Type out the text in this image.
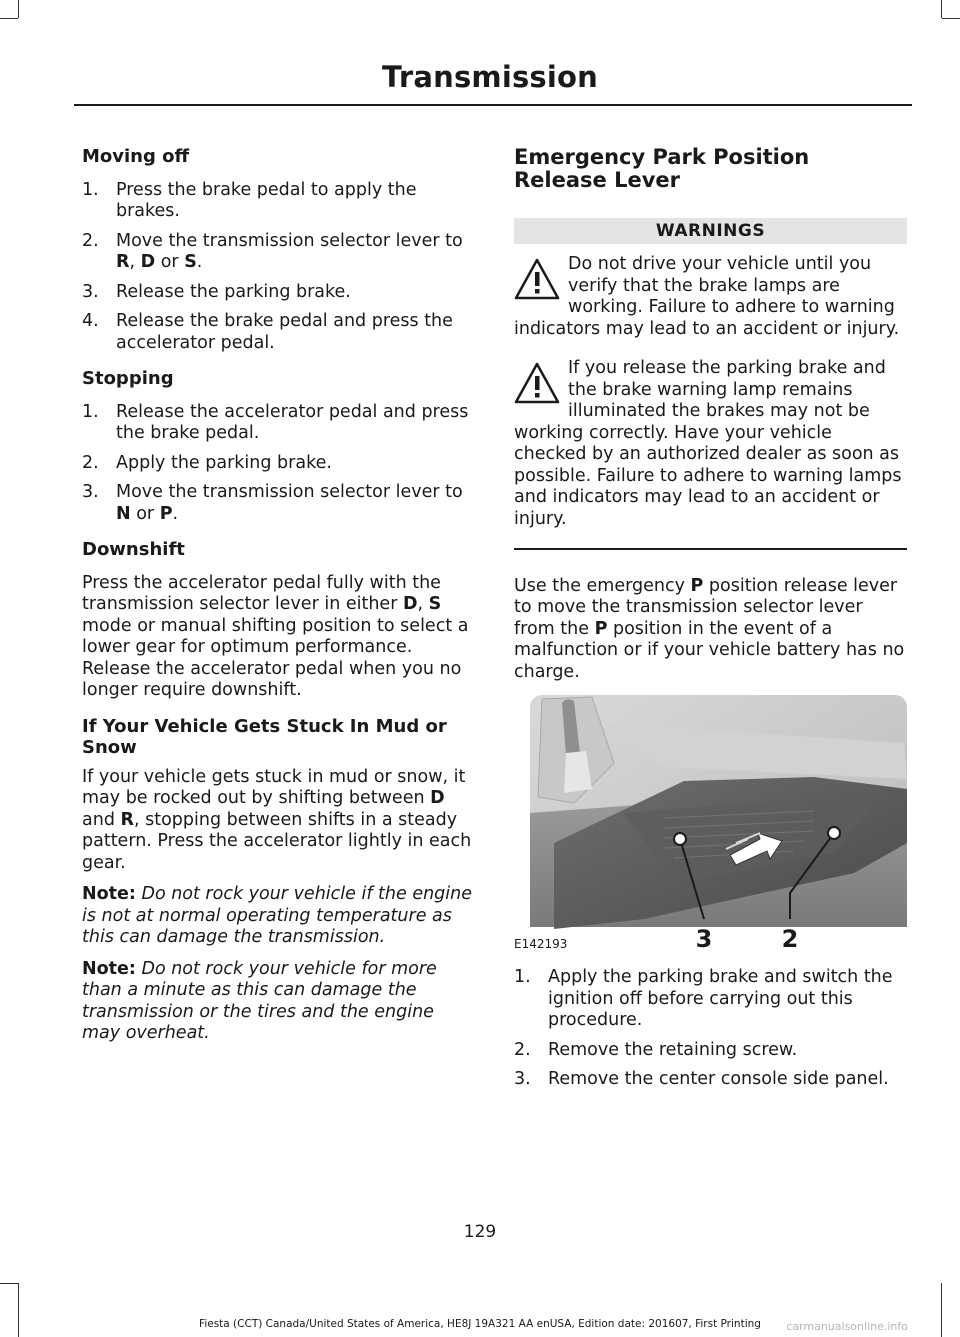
Transmission
Moving off
1. Press the brake pedal to apply the brakes.
2. Move the transmission selector lever to R, D or S.
3. Release the parking brake.
4. Release the brake pedal and press the accelerator pedal.
Stopping
1. Release the accelerator pedal and press the brake pedal.
2. Apply the parking brake.
3. Move the transmission selector lever to N or P.
Downshift

Press the accelerator pedal fully with the transmission selector lever in either D, S mode or manual shifting position to select a lower gear for optimum performance. Release the accelerator pedal when you no longer require downshift.

If Your Vehicle Gets Stuck In Mud or Snow

If your vehicle gets stuck in mud or snow, it may be rocked out by shifting between D and R, stopping between shifts in a steady pattern. Press the accelerator lightly in each gear.

Note: Do not rock your vehicle if the engine is not at normal operating temperature as this can damage the transmission.

Note: Do not rock your vehicle for more than a minute as this can damage the transmission or the tires and the engine may overheat.

Emergency Park Position Release Lever
WARNINGS
Do not drive your vehicle until you verify that the brake lamps are working. Failure to adhere to warning indicators may lead to an accident or injury.
If you release the parking brake and the brake warning lamp remains illuminated the brakes may not be working correctly. Have your vehicle checked by an authorized dealer as soon as possible. Failure to adhere to warning lamps and indicators may lead to an accident or injury.

Use the emergency P position release lever to move the transmission selector lever from the P position in the event of a malfunction or if your vehicle battery has no charge.

3	2
E142193
1. Apply the parking brake and switch the ignition off before carrying out this procedure.
2. Remove the retaining screw.
3. Remove the center console side panel.
129
Fiesta (CCT) Canada/United States of America, HE8J 19A321 AA enUSA, Edition date: 201607, First Printing	carmanualsonline.info
